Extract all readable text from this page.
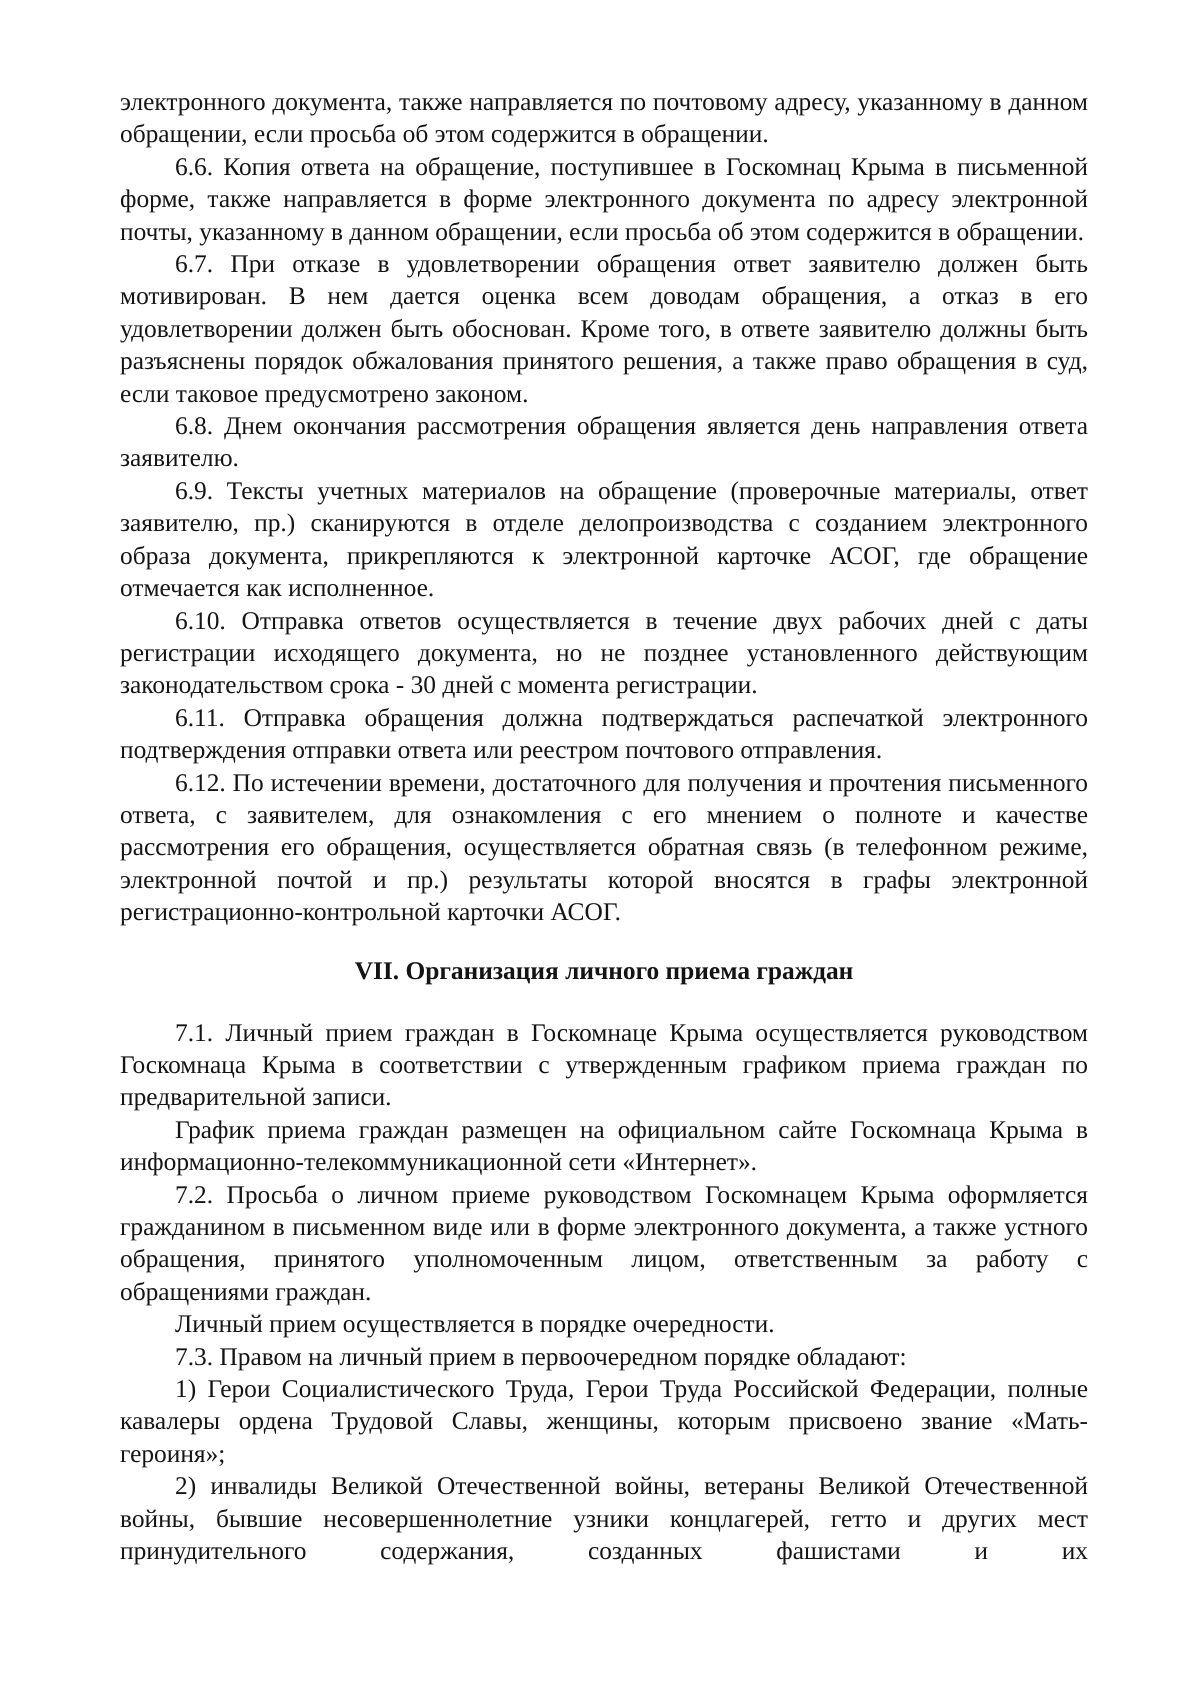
электронного документа, также направляется по почтовому адресу, указанному в данном обращении, если просьба об этом содержится в обращении.

6.6. Копия ответа на обращение, поступившее в Госкомнац Крыма в письменной форме, также направляется в форме электронного документа по адресу электронной почты, указанному в данном обращении, если просьба об этом содержится в обращении.

6.7. При отказе в удовлетворении обращения ответ заявителю должен быть мотивирован. В нем дается оценка всем доводам обращения, а отказ в его удовлетворении должен быть обоснован. Кроме того, в ответе заявителю должны быть разъяснены порядок обжалования принятого решения, а также право обращения в суд, если таковое предусмотрено законом.

6.8. Днем окончания рассмотрения обращения является день направления ответа заявителю.

6.9. Тексты учетных материалов на обращение (проверочные материалы, ответ заявителю, пр.) сканируются в отделе делопроизводства с созданием электронного образа документа, прикрепляются к электронной карточке АСОГ, где обращение отмечается как исполненное.

6.10. Отправка ответов осуществляется в течение двух рабочих дней с даты регистрации исходящего документа, но не позднее установленного действующим законодательством срока - 30 дней с момента регистрации.

6.11. Отправка обращения должна подтверждаться распечаткой электронного подтверждения отправки ответа или реестром почтового отправления.

6.12. По истечении времени, достаточного для получения и прочтения письменного ответа, с заявителем, для ознакомления с его мнением о полноте и качестве рассмотрения его обращения, осуществляется обратная связь (в телефонном режиме, электронной почтой и пр.) результаты которой вносятся в графы электронной регистрационно-контрольной карточки АСОГ.

VII. Организация личного приема граждан

7.1. Личный прием граждан в Госкомнаце Крыма осуществляется руководством Госкомнаца Крыма в соответствии с утвержденным графиком приема граждан по предварительной записи.

График приема граждан размещен на официальном сайте Госкомнаца Крыма в информационно-телекоммуникационной сети «Интернет».

7.2. Просьба о личном приеме руководством Госкомнацем Крыма оформляется гражданином в письменном виде или в форме электронного документа, а также устного обращения, принятого уполномоченным лицом, ответственным за работу с обращениями граждан.

Личный прием осуществляется в порядке очередности.

7.3. Правом на личный прием в первоочередном порядке обладают:

1) Герои Социалистического Труда, Герои Труда Российской Федерации, полные кавалеры ордена Трудовой Славы, женщины, которым присвоено звание «Мать-героиня»;

2) инвалиды Великой Отечественной войны, ветераны Великой Отечественной войны, бывшие несовершеннолетние узники концлагерей, гетто и других мест принудительного содержания, созданных фашистами и их
